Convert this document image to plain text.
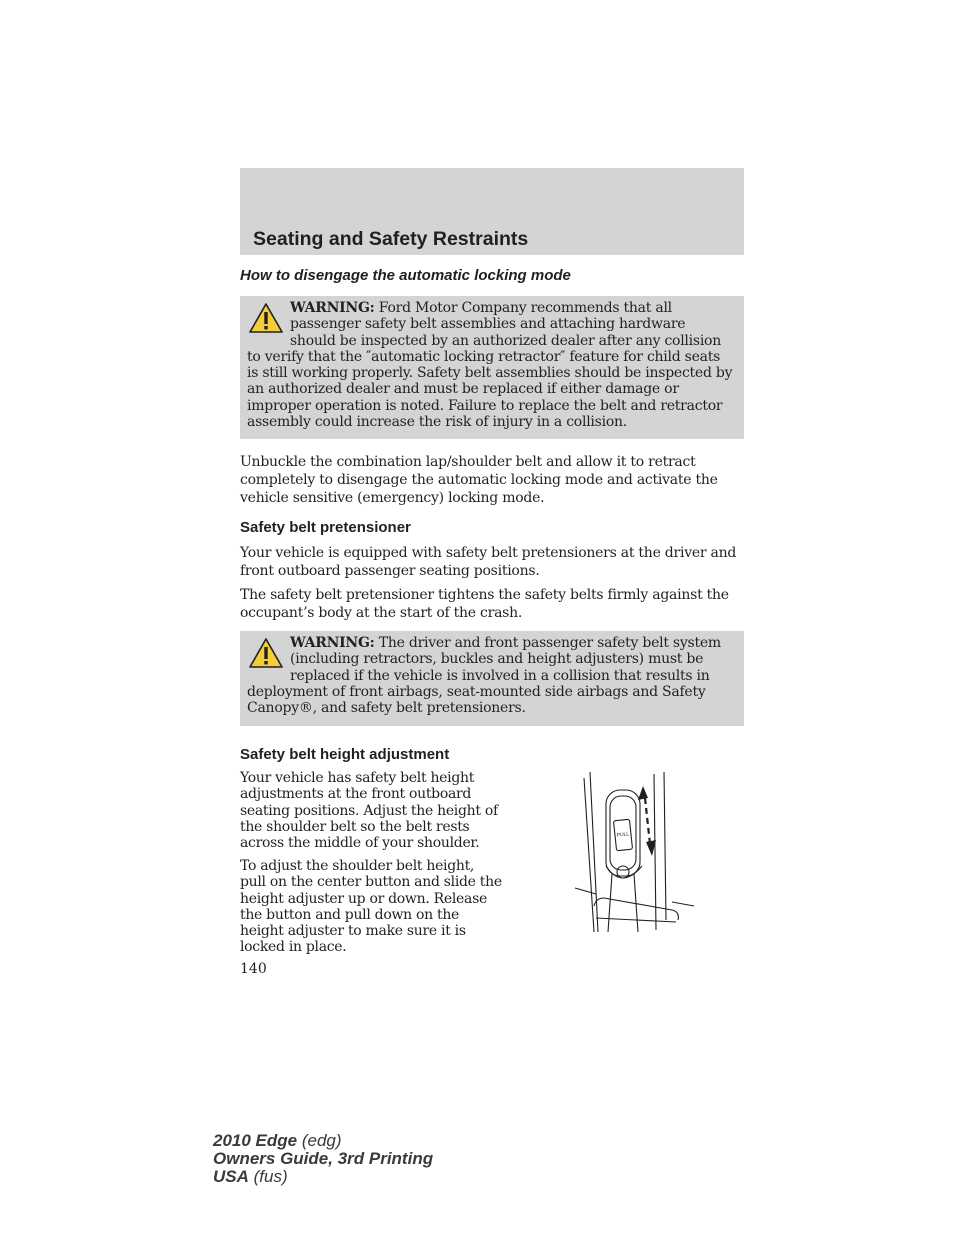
Seating and Safety Restraints
How to disengage the automatic locking mode

WARNING: Ford Motor Company recommends that all passenger safety belt assemblies and attaching hardware should be inspected by an authorized dealer after any collision to verify that the ″automatic locking retractor″ feature for child seats is still working properly. Safety belt assemblies should be inspected by an authorized dealer and must be replaced if either damage or improper operation is noted. Failure to replace the belt and retractor assembly could increase the risk of injury in a collision.

Unbuckle the combination lap/shoulder belt and allow it to retract completely to disengage the automatic locking mode and activate the vehicle sensitive (emergency) locking mode.

Safety belt pretensioner

Your vehicle is equipped with safety belt pretensioners at the driver and front outboard passenger seating positions.

The safety belt pretensioner tightens the safety belts firmly against the occupant’s body at the start of the crash.

WARNING: The driver and front passenger safety belt system (including retractors, buckles and height adjusters) must be replaced if the vehicle is involved in a collision that results in deployment of front airbags, seat-mounted side airbags and Safety Canopy®, and safety belt pretensioners.

Safety belt height adjustment

Your vehicle has safety belt height adjustments at the front outboard seating positions. Adjust the height of the shoulder belt so the belt rests across the middle of your shoulder.

To adjust the shoulder belt height, pull on the center button and slide the height adjuster up or down. Release the button and pull down on the height adjuster to make sure it is locked in place.

PULL
140
2010 Edge (edg)
Owners Guide, 3rd Printing
USA (fus)
